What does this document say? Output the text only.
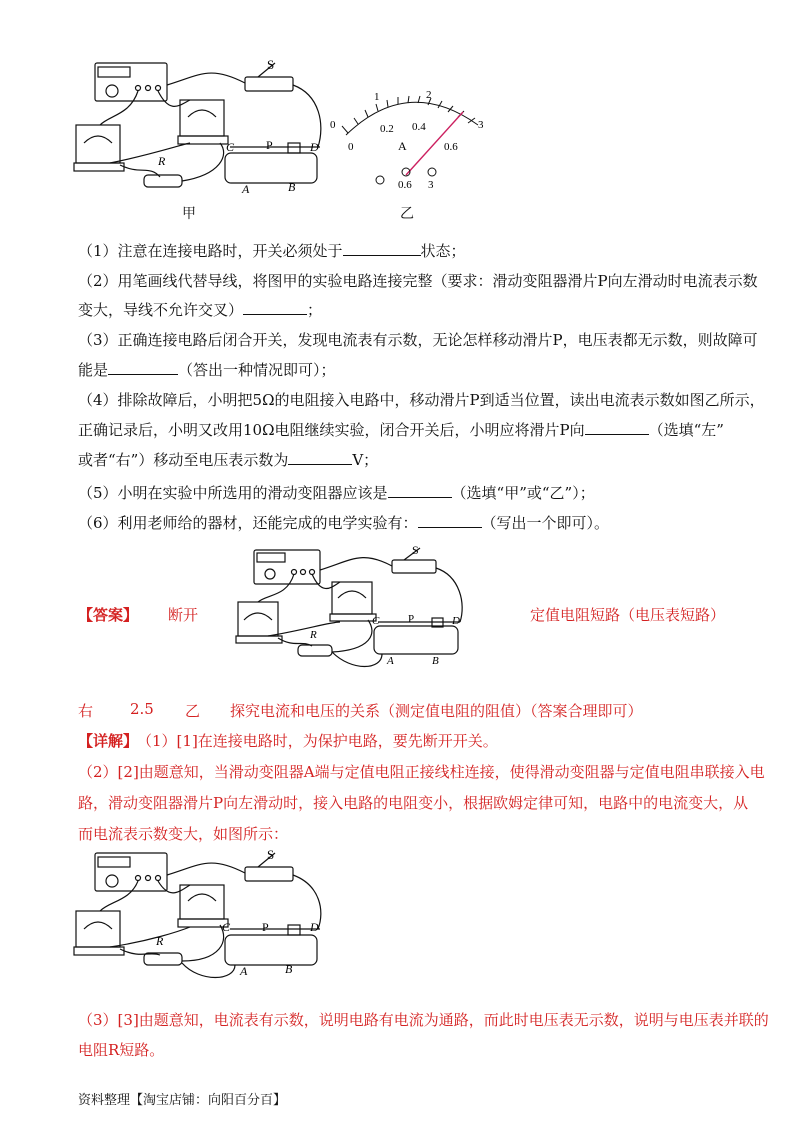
S
R
C	P	D
A	B
甲
0
1	2
3
0
0.2 0.4
0.6
A
0.6 3
乙
（1）注意在连接电路时，开关必须处于	状态；
（2）用笔画线代替导线，将图甲的实验电路连接完整（要求：滑动变阻器滑片P向左滑动时电流表示数
变大，导线不允许交叉）	；
（3）正确连接电路后闭合开关，发现电流表有示数，无论怎样移动滑片P，电压表都无示数，则故障可
能是	（答出一种情况即可）；
（4）排除故障后，小明把5Ω的电阻接入电路中，移动滑片P到适当位置，读出电流表示数如图乙所示，
正确记录后，小明又改用10Ω电阻继续实验，闭合开关后，小明应将滑片P向	（选填“左”
或者“右”）移动至电压表示数为	V；
（5）小明在实验中所选用的滑动变阻器应该是	（选填“甲”或“乙”）；
（6）利用老师给的器材，还能完成的电学实验有：	（写出一个即可）。
【答案】 断开
S
R
C	P	D
A	B
定值电阻短路（电压表短路）
右 2.5 乙 探究电流和电压的关系（测定值电阻的阻值）（答案合理即可）
【详解】
（1）[1]在连接电路时，为保护电路，要先断开开关。
（2）[2]由题意知，当滑动变阻器A端与定值电阻正接线柱连接，使得滑动变阻器与定值电阻串联接入电
路，滑动变阻器滑片P向左滑动时，接入电路的电阻变小，根据欧姆定律可知，电路中的电流变大，从
而电流表示数变大，如图所示：
S
R
C	P	D
A	B
（3）[3]由题意知，电流表有示数，说明电路有电流为通路，而此时电压表无示数，说明与电压表并联的
电阻R短路。
资料整理【淘宝店铺：向阳百分百】
